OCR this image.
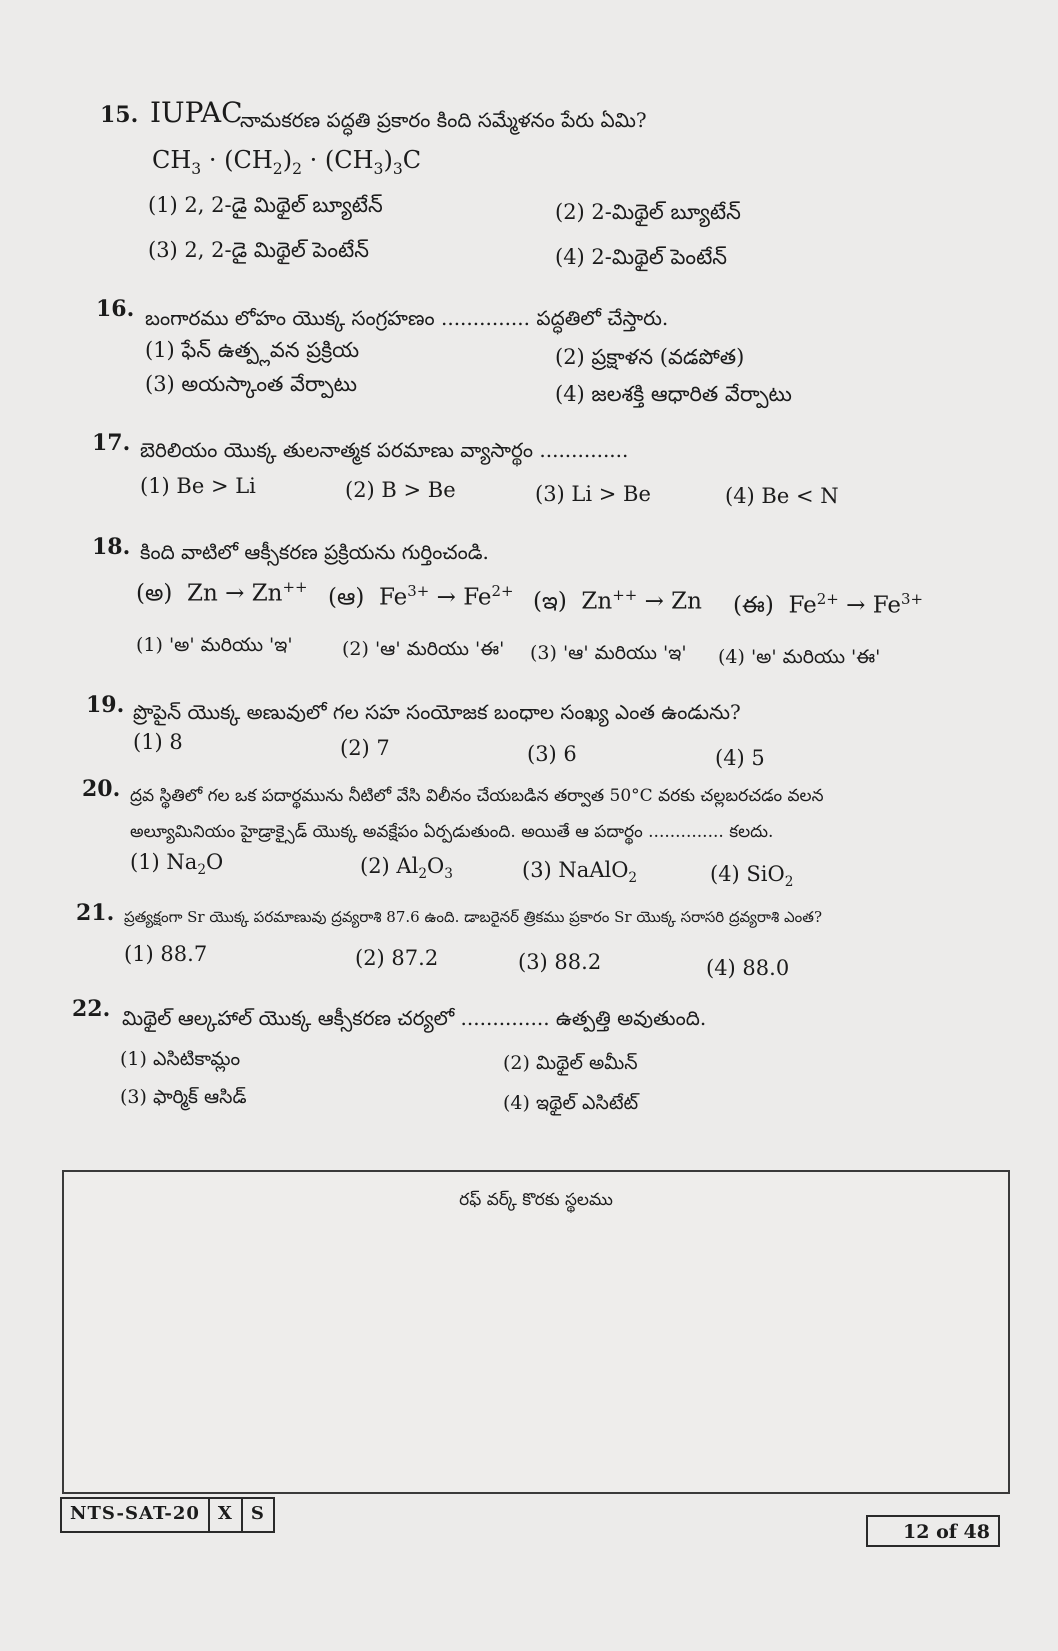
15. IUPAC
నామకరణ పద్ధతి ప్రకారం కింది సమ్మేళనం పేరు ఏమి?
$CH_3 \cdot (CH_2)_2 \cdot (CH_3)_3C$
(1) 2, 2-డై మిథైల్ బ్యూటేన్	(2) 2-మిథైల్ బ్యూటేన్
(3) 2, 2-డై మిథైల్ పెంటేన్	(4) 2-మిథైల్ పెంటేన్
16. బంగారము లోహం యొక్క సంగ్రహణం .............. పద్ధతిలో చేస్తారు.
(1) ఫేన్ ఉత్ప్లవన ప్రక్రియ	(2) ప్రక్షాళన (వడపోత)
(3) అయస్కాంత వేర్పాటు	(4) జలశక్తి ఆధారిత వేర్పాటు
17. బెరిలియం యొక్క తులనాత్మక పరమాణు వ్యాసార్థం ..............
(1) Be > Li	(2) B > Be	(3) Li > Be	(4) Be < N
18. కింది వాటిలో ఆక్సీకరణ ప్రక్రియను గుర్తించండి.
(అ) Zn → Zn++ (ఆ) $Fe^{3+} \to Fe^{2+}$ (ఇ) Zn++ → Zn (ఈ) $Fe^{2+} \to Fe^{3+}$
(1) 'అ' మరియు 'ఇ'	(2) 'ఆ' మరియు 'ఈ' (3) 'ఆ' మరియు 'ఇ' (4) 'అ' మరియు 'ఈ'
19. ప్రొపైన్ యొక్క అణువులో గల సహ సంయోజక బంధాల సంఖ్య ఎంత ఉండును?
(1) 8	(2) 7	(3) 6	(4) 5
20. ద్రవ స్థితిలో గల ఒక పదార్థమును నీటిలో వేసి విలీనం చేయబడిన తర్వాత 50°C వరకు చల్లబరచడం వలన
అల్యూమినియం హైడ్రాక్సైడ్ యొక్క అవక్షేపం ఏర్పడుతుంది. అయితే ఆ పదార్థం .............. కలదు.
(1) $Na_2O$	(2) $Al_2O_3$	(3) NaAlO$_2$	(4) SiO$_2$
21. ప్రత్యక్షంగా Sr యొక్క పరమాణువు ద్రవ్యరాశి 87.6 ఉంది. డాబరైనర్ త్రికము ప్రకారం Sr యొక్క సరాసరి ద్రవ్యరాశి ఎంత?
(1) 88.7	(2) 87.2	(3) 88.2	(4) 88.0
22. మిథైల్ ఆల్కహాల్ యొక్క ఆక్సీకరణ చర్యలో .............. ఉత్పత్తి అవుతుంది.
(1) ఎసిటికామ్లం	(2) మిథైల్ అమీన్
(3) ఫార్మిక్ ఆసిడ్	(4) ఇథైల్ ఎసిటేట్
రఫ్ వర్క్ కొరకు స్థలము
NTS-SAT-20	X	S
12 of 48
